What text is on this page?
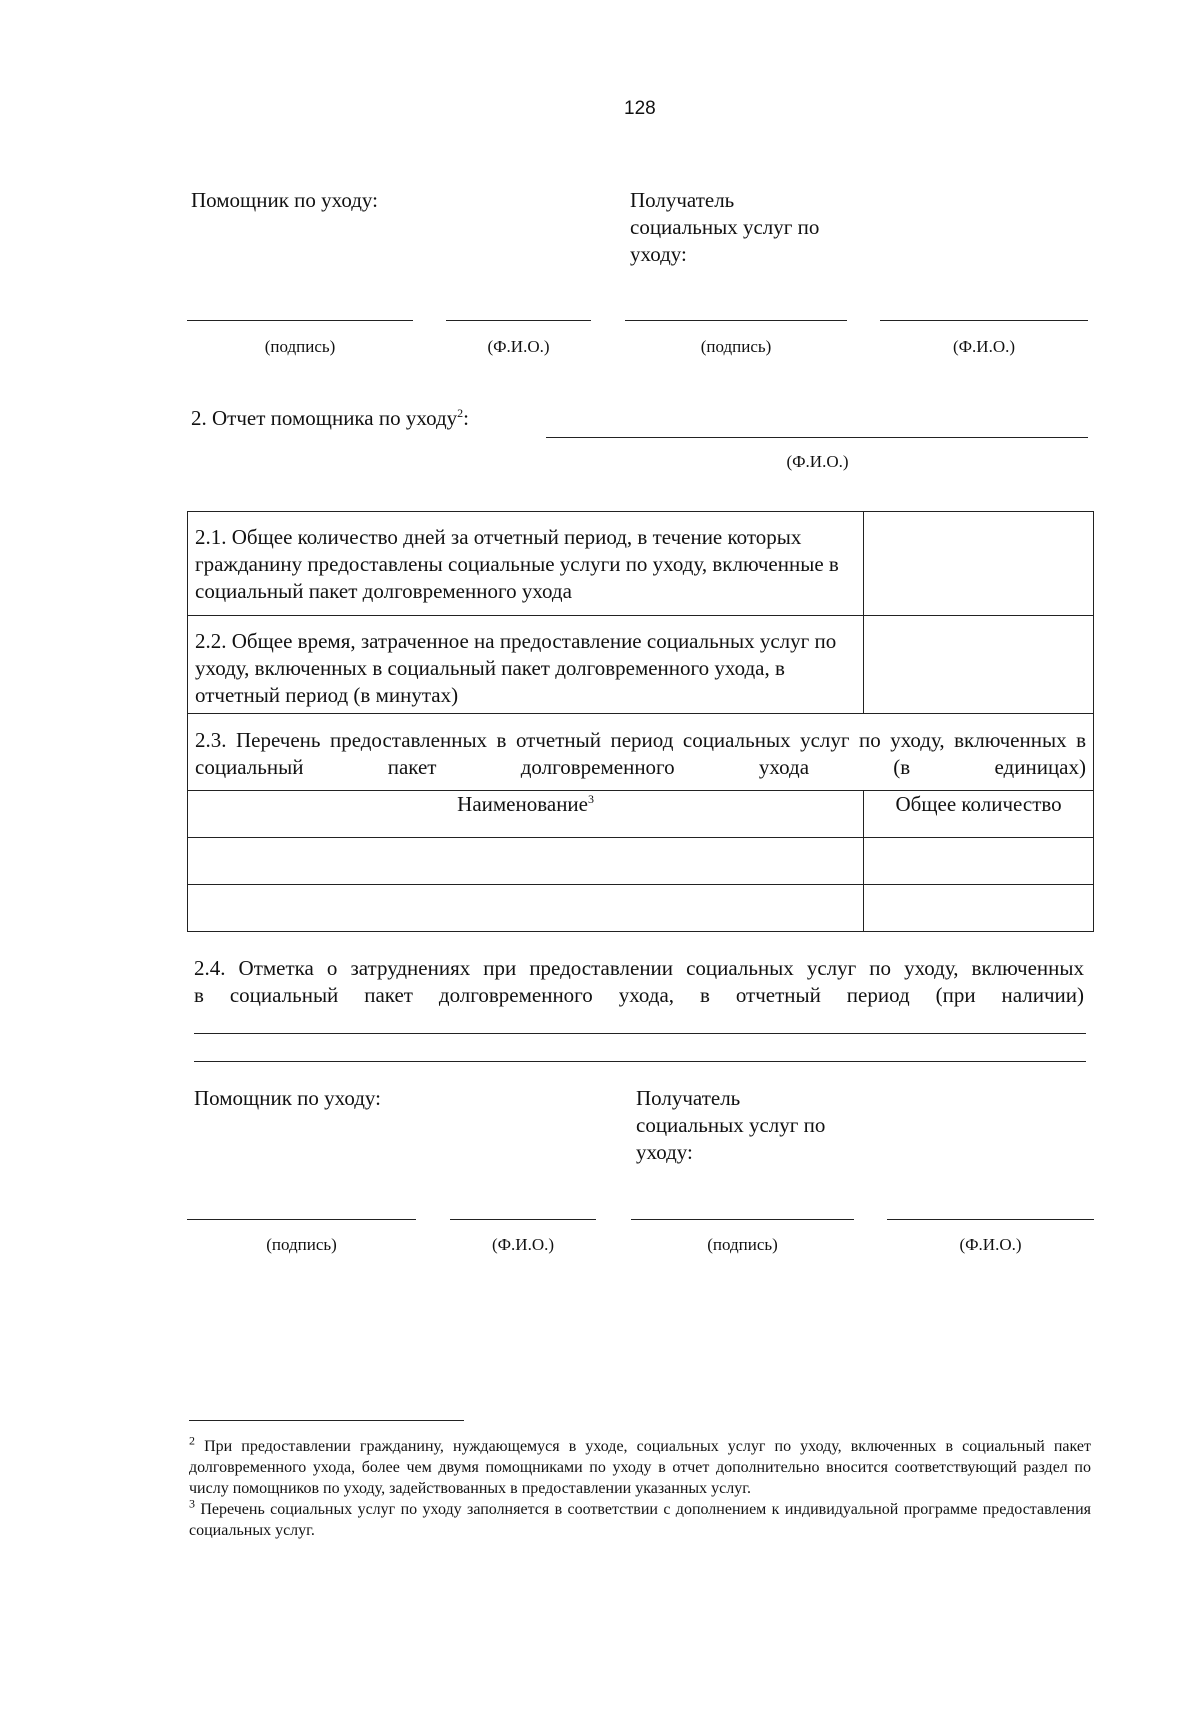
128
Помощник по уходу:	Получатель
социальных услуг по
уходу:
(подпись)	(Ф.И.О.)	(подпись)	(Ф.И.О.)
2. Отчет помощника по уходу$^2$:
(Ф.И.О.)
2.1. Общее количество дней за отчетный период, в течение которых гражданину предоставлены социальные услуги по уходу, включенные в социальный пакет долговременного ухода	
2.2. Общее время, затраченное на предоставление социальных услуг по уходу, включенных в социальный пакет долговременного ухода, в отчетный период (в минутах)	
2.3. Перечень предоставленных в отчетный период социальных услуг по уходу, включенных в социальный пакет долговременного ухода (в единицах)	
Наименование$^3$	Общее количество

2.4. Отметка о затруднениях при предоставлении социальных услуг по уходу, включенных
в социальный пакет долговременного ухода, в отчетный период (при наличии)
Помощник по уходу:	Получатель
социальных услуг по
уходу:
(подпись)	(Ф.И.О.)	(подпись)	(Ф.И.О.)

$^2$ При предоставлении гражданину, нуждающемуся в уходе, социальных услуг по уходу, включенных в социальный пакет долговременного ухода, более чем двумя помощниками по уходу в отчет дополнительно вносится соответствующий раздел по числу помощников по уходу, задействованных в предоставлении указанных услуг.

$^3$ Перечень социальных услуг по уходу заполняется в соответствии с дополнением к индивидуальной программе предоставления социальных услуг.
